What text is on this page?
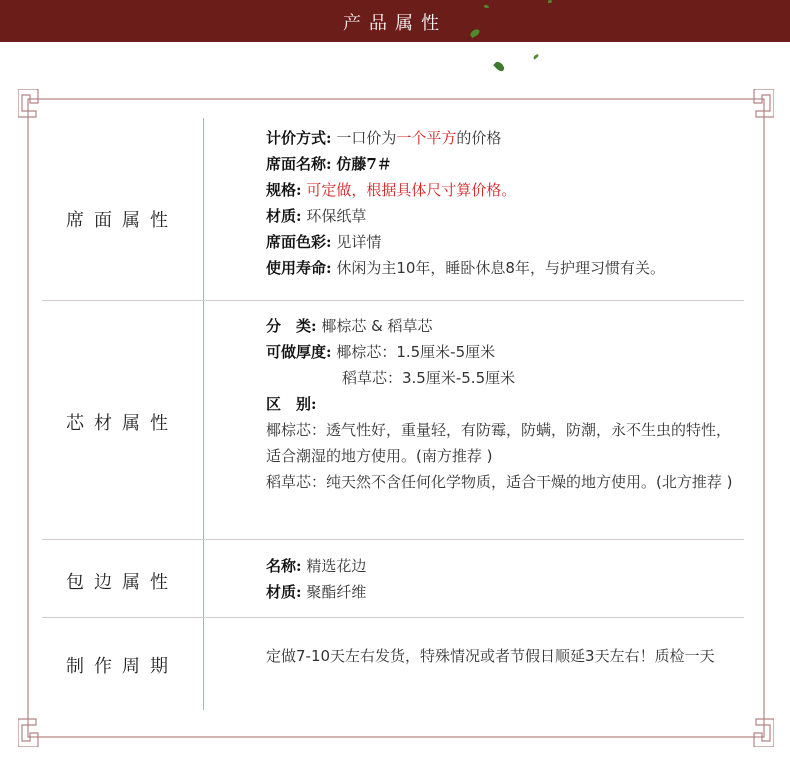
产品属性
席面属性
计价方式: 一口价为一个平方的价格
席面名称: 仿藤7＃
规格: 可定做，根据具体尺寸算价格。
材质: 环保纸草
席面色彩: 见详情
使用寿命: 休闲为主10年，睡卧休息8年，与护理习惯有关。
芯材属性
分　类: 椰棕芯 & 稻草芯
可做厚度: 椰棕芯：1.5厘米-5厘米
稻草芯：3.5厘米-5.5厘米
区　别:
椰棕芯：透气性好，重量轻，有防霉，防螨，防潮，永不生虫的特性，适合潮湿的地方使用。(南方推荐 )
稻草芯：纯天然不含任何化学物质，适合干燥的地方使用。(北方推荐 )
包边属性
名称: 精选花边
材质: 聚酯纤维
制作周期	定做7-10天左右发货，特殊情况或者节假日顺延3天左右！质检一天
